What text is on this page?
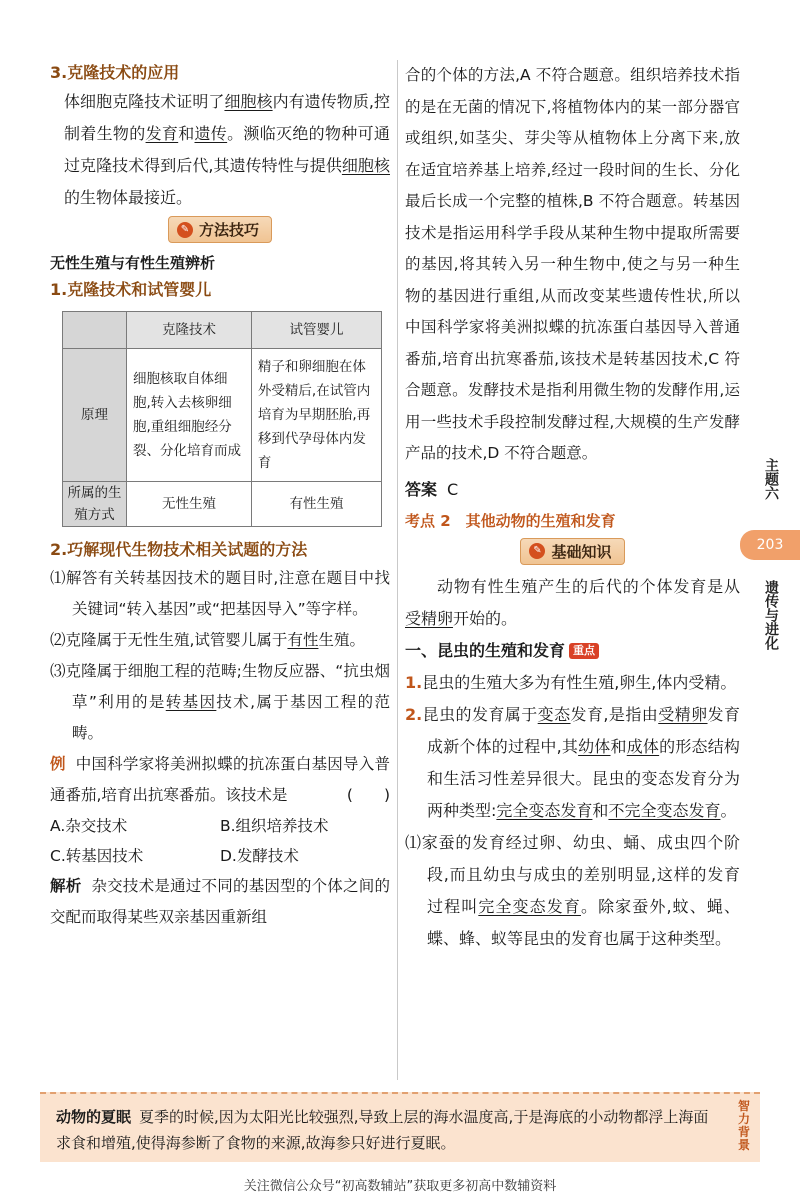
3.克隆技术的应用

体细胞克隆技术证明了细胞核内有遗传物质,控制着生物的发育和遗传。濒临灭绝的物种可通过克隆技术得到后代,其遗传特性与提供细胞核的生物体最接近。

✎ 方法技巧
无性生殖与有性生殖辨析
1.克隆技术和试管婴儿
	克隆技术	试管婴儿
原理	细胞核取自体细胞,转入去核卵细胞,重组细胞经分裂、分化培育而成	精子和卵细胞在体外受精后,在试管内培育为早期胚胎,再移到代孕母体内发育
所属的生殖方式	无性生殖	有性生殖
2.巧解现代生物技术相关试题的方法

⑴解答有关转基因技术的题目时,注意在题目中找关键词“转入基因”或“把基因导入”等字样。

⑵克隆属于无性生殖,试管婴儿属于有性生殖。

⑶克隆属于细胞工程的范畴;生物反应器、“抗虫烟草”利用的是转基因技术,属于基因工程的范畴。

例 中国科学家将美洲拟蝶的抗冻蛋白基因导入普通番茄,培育出抗寒番茄。该技术是	(　　)

A.杂交技术	B.组织培养技术
C.转基因技术	D.发酵技术

解析 杂交技术是通过不同的基因型的个体之间的交配而取得某些双亲基因重新组

合的个体的方法,A 不符合题意。组织培养技术指的是在无菌的情况下,将植物体内的某一部分器官或组织,如茎尖、芽尖等从植物体上分离下来,放在适宜培养基上培养,经过一段时间的生长、分化最后长成一个完整的植株,B 不符合题意。转基因技术是指运用科学手段从某种生物中提取所需要的基因,将其转入另一种生物中,使之与另一种生物的基因进行重组,从而改变某些遗传性状,所以中国科学家将美洲拟蝶的抗冻蛋白基因导入普通番茄,培育出抗寒番茄,该技术是转基因技术,C 符合题意。发酵技术是指利用微生物的发酵作用,运用一些技术手段控制发酵过程,大规模的生产发酵产品的技术,D 不符合题意。

答案 C

考点 2　其他动物的生殖和发育
✎ 基础知识

动物有性生殖产生的后代的个体发育是从受精卵开始的。

一、昆虫的生殖和发育 重点

1.昆虫的生殖大多为有性生殖,卵生,体内受精。

2.昆虫的发育属于变态发育,是指由受精卵发育成新个体的过程中,其幼体和成体的形态结构和生活习性差异很大。昆虫的变态发育分为两种类型:完全变态发育和不完全变态发育。

⑴家蚕的发育经过卵、幼虫、蛹、成虫四个阶段,而且幼虫与成虫的差别明显,这样的发育过程叫完全变态发育。除家蚕外,蚊、蝇、蝶、蜂、蚁等昆虫的发育也属于这种类型。

主题六
203
遗传与进化
动物的夏眠 夏季的时候,因为太阳光比较强烈,导致上层的海水温度高,于是海底的小动物都浮上海面求食和增殖,使得海参断了食物的来源,故海参只好进行夏眠。
智力背景
关注微信公众号“初高数辅站”获取更多初高中数辅资料
